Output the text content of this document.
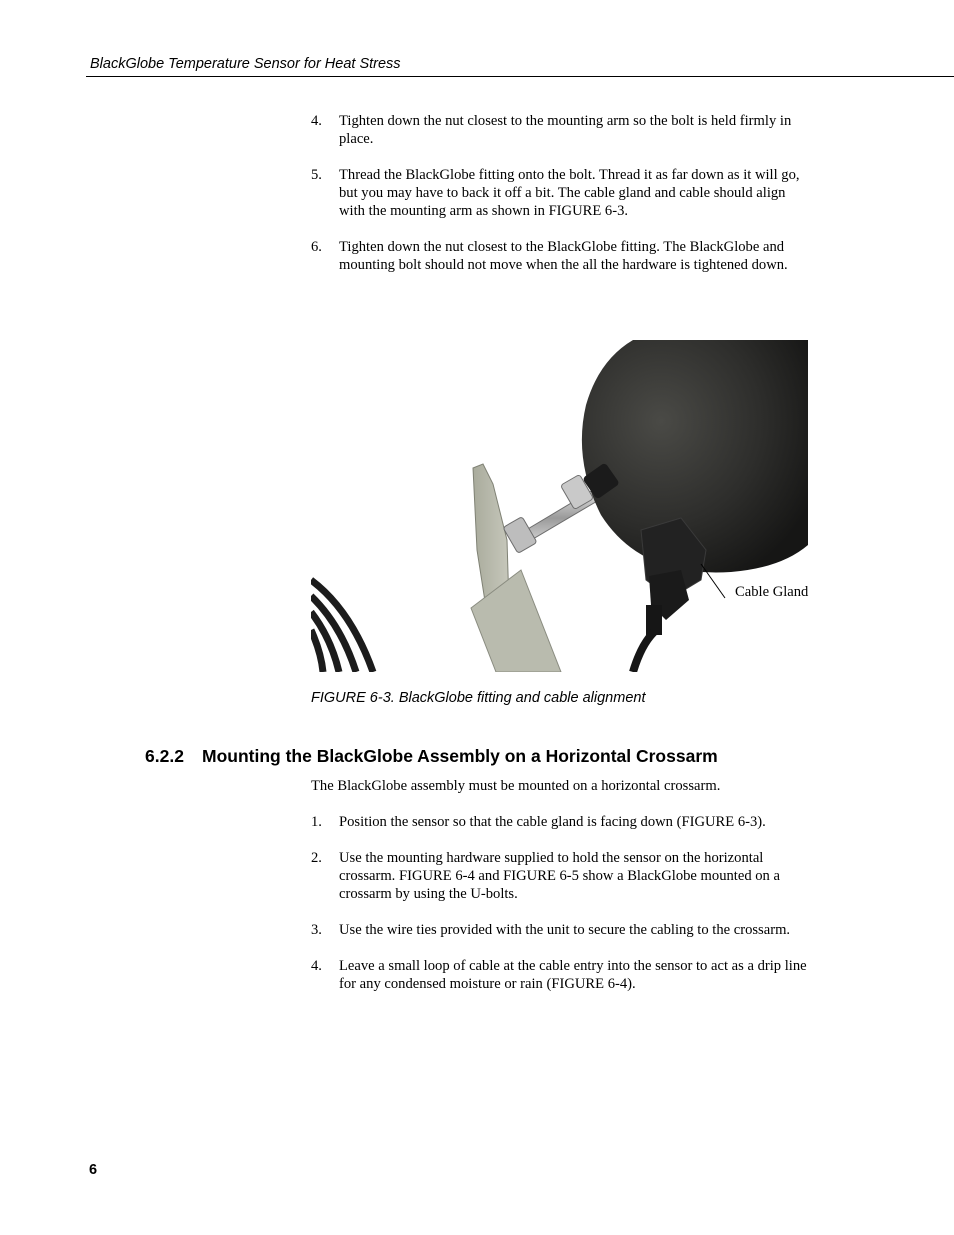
BlackGlobe Temperature Sensor for Heat Stress
4. Tighten down the nut closest to the mounting arm so the bolt is held firmly in place.
5. Thread the BlackGlobe fitting onto the bolt. Thread it as far down as it will go, but you may have to back it off a bit. The cable gland and cable should align with the mounting arm as shown in FIGURE 6-3.
6. Tighten down the nut closest to the BlackGlobe fitting. The BlackGlobe and mounting bolt should not move when the all the hardware is tightened down.
Cable Gland
FIGURE 6-3. BlackGlobe fitting and cable alignment
6.2.2 Mounting the BlackGlobe Assembly on a Horizontal Crossarm

The BlackGlobe assembly must be mounted on a horizontal crossarm.

1. Position the sensor so that the cable gland is facing down (FIGURE 6-3).
2. Use the mounting hardware supplied to hold the sensor on the horizontal crossarm. FIGURE 6-4 and FIGURE 6-5 show a BlackGlobe mounted on a crossarm by using the U-bolts.
3. Use the wire ties provided with the unit to secure the cabling to the crossarm.
4. Leave a small loop of cable at the cable entry into the sensor to act as a drip line for any condensed moisture or rain (FIGURE 6-4).
6
